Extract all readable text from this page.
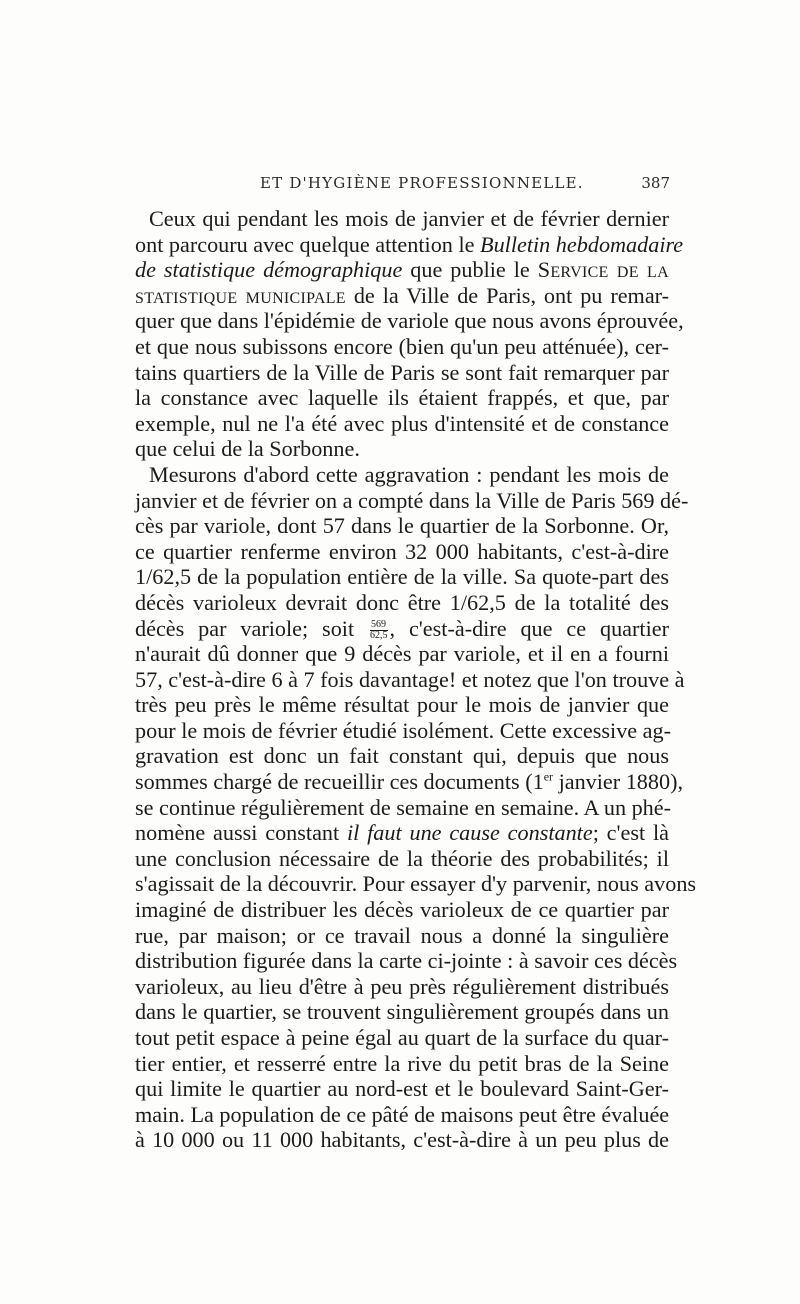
ET D'HYGIÈNE PROFESSIONNELLE.	387
Ceux qui pendant les mois de janvier et de février dernier
ont parcouru avec quelque attention le Bulletin hebdomadaire
de statistique démographique que publie le Service de la
statistique municipale de la Ville de Paris, ont pu remar-
quer que dans l'épidémie de variole que nous avons éprouvée,
et que nous subissons encore (bien qu'un peu atténuée), cer-
tains quartiers de la Ville de Paris se sont fait remarquer par
la constance avec laquelle ils étaient frappés, et que, par
exemple, nul ne l'a été avec plus d'intensité et de constance
que celui de la Sorbonne.
Mesurons d'abord cette aggravation : pendant les mois de
janvier et de février on a compté dans la Ville de Paris 569 dé-
cès par variole, dont 57 dans le quartier de la Sorbonne. Or,
ce quartier renferme environ 32 000 habitants, c'est-à-dire
1/62,5 de la population entière de la ville. Sa quote-part des
décès varioleux devrait donc être 1/62,5 de la totalité des
décès par variole; soit $\frac{569}{62,5}$ , c'est-à-dire que ce quartier
n'aurait dû donner que 9 décès par variole, et il en a fourni
57, c'est-à-dire 6 à 7 fois davantage! et notez que l'on trouve à
très peu près le même résultat pour le mois de janvier que
pour le mois de février étudié isolément. Cette excessive ag-
gravation est donc un fait constant qui, depuis que nous
sommes chargé de recueillir ces documents (1er janvier 1880),
se continue régulièrement de semaine en semaine. A un phé-
nomène aussi constant il faut une cause constante; c'est là
une conclusion nécessaire de la théorie des probabilités; il
s'agissait de la découvrir. Pour essayer d'y parvenir, nous avons
imaginé de distribuer les décès varioleux de ce quartier par
rue, par maison; or ce travail nous a donné la singulière
distribution figurée dans la carte ci-jointe : à savoir ces décès
varioleux, au lieu d'être à peu près régulièrement distribués
dans le quartier, se trouvent singulièrement groupés dans un
tout petit espace à peine égal au quart de la surface du quar-
tier entier, et resserré entre la rive du petit bras de la Seine
qui limite le quartier au nord-est et le boulevard Saint-Ger-
main. La population de ce pâté de maisons peut être évaluée
à 10 000 ou 11 000 habitants, c'est-à-dire à un peu plus de
